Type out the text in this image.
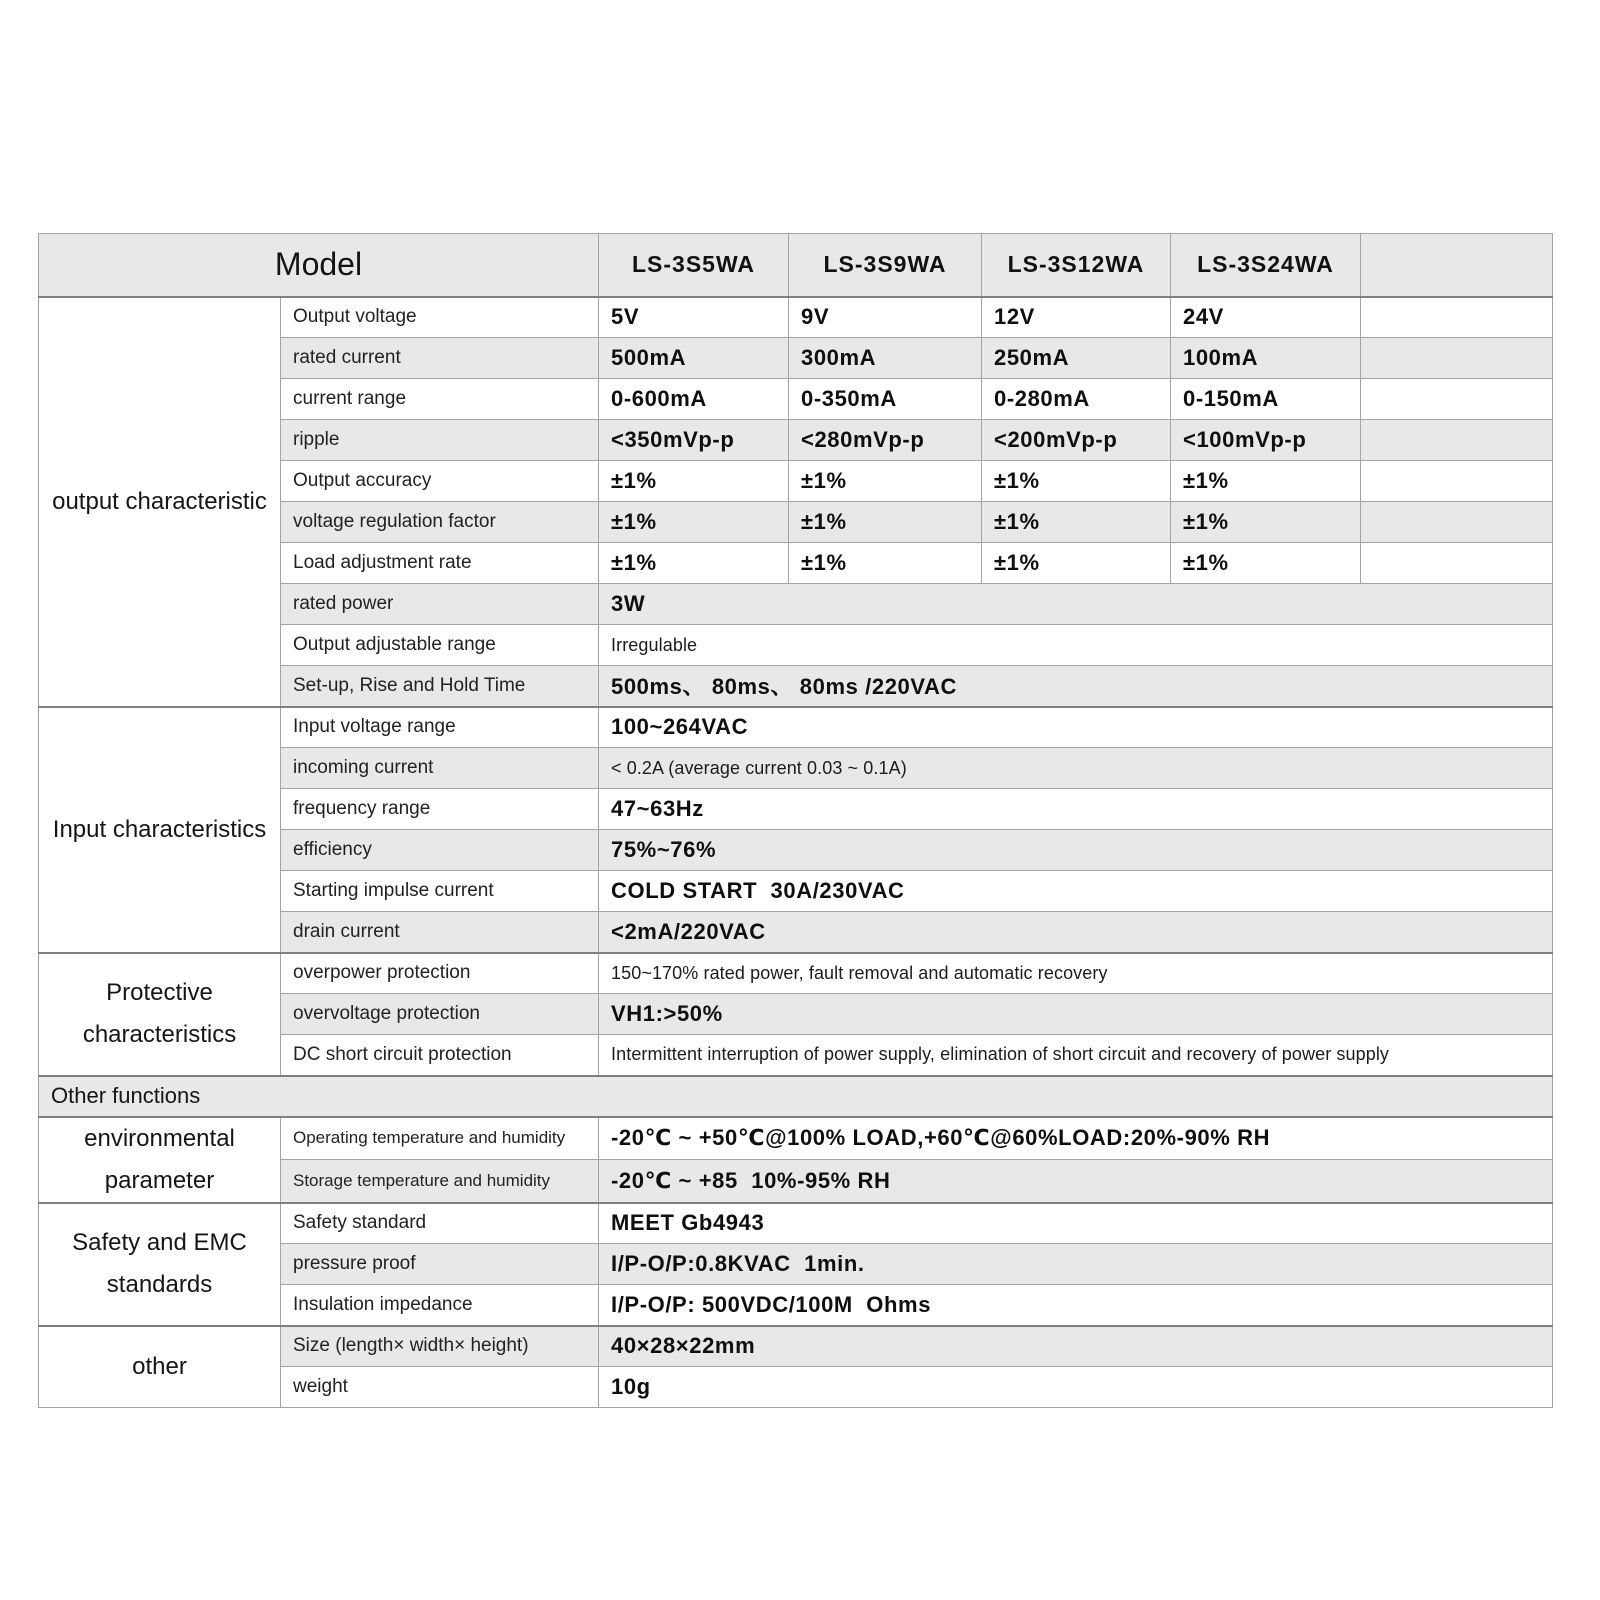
Model		LS-3S5WA	LS-3S9WA	LS-3S12WA	LS-3S24WA	
output characteristic	Output voltage	5V	9V	12V	24V	
	rated current	500mA	300mA	250mA	100mA	
	current range	0-600mA	0-350mA	0-280mA	0-150mA	
	ripple	<350mVp-p	<280mVp-p	<200mVp-p	<100mVp-p	
	Output accuracy	±1%	±1%	±1%	±1%	
	voltage regulation factor	±1%	±1%	±1%	±1%	
	Load adjustment rate	±1%	±1%	±1%	±1%	
	rated power	3W				
	Output adjustable range	Irregulable				
	Set-up, Rise and Hold Time	500ms、 80ms、 80ms /220VAC				
Input characteristics	Input voltage range	100~264VAC				
	incoming current	< 0.2A (average current 0.03 ~ 0.1A)				
	frequency range	47~63Hz				
	efficiency	75%~76%				
	Starting impulse current	COLD START  30A/230VAC				
	drain current	<2mA/220VAC				
Protective characteristics	overpower protection	150~170% rated power, fault removal and automatic recovery				
	overvoltage protection	VH1:>50%				
	DC short circuit protection	Intermittent interruption of power supply, elimination of short circuit and recovery of power supply				
Other functions						
environmental parameter	Operating temperature and humidity	-20℃ ~ +50℃@100% LOAD,+60℃@60%LOAD:20%-90% RH				
	Storage temperature and humidity	-20℃ ~ +85  10%-95% RH				
Safety and EMC standards	Safety standard	MEET Gb4943				
	pressure proof	I/P-O/P:0.8KVAC  1min.				
	Insulation impedance	I/P-O/P: 500VDC/100M  Ohms				
other	Size (length× width× height)	40×28×22mm				
	weight	10g				
